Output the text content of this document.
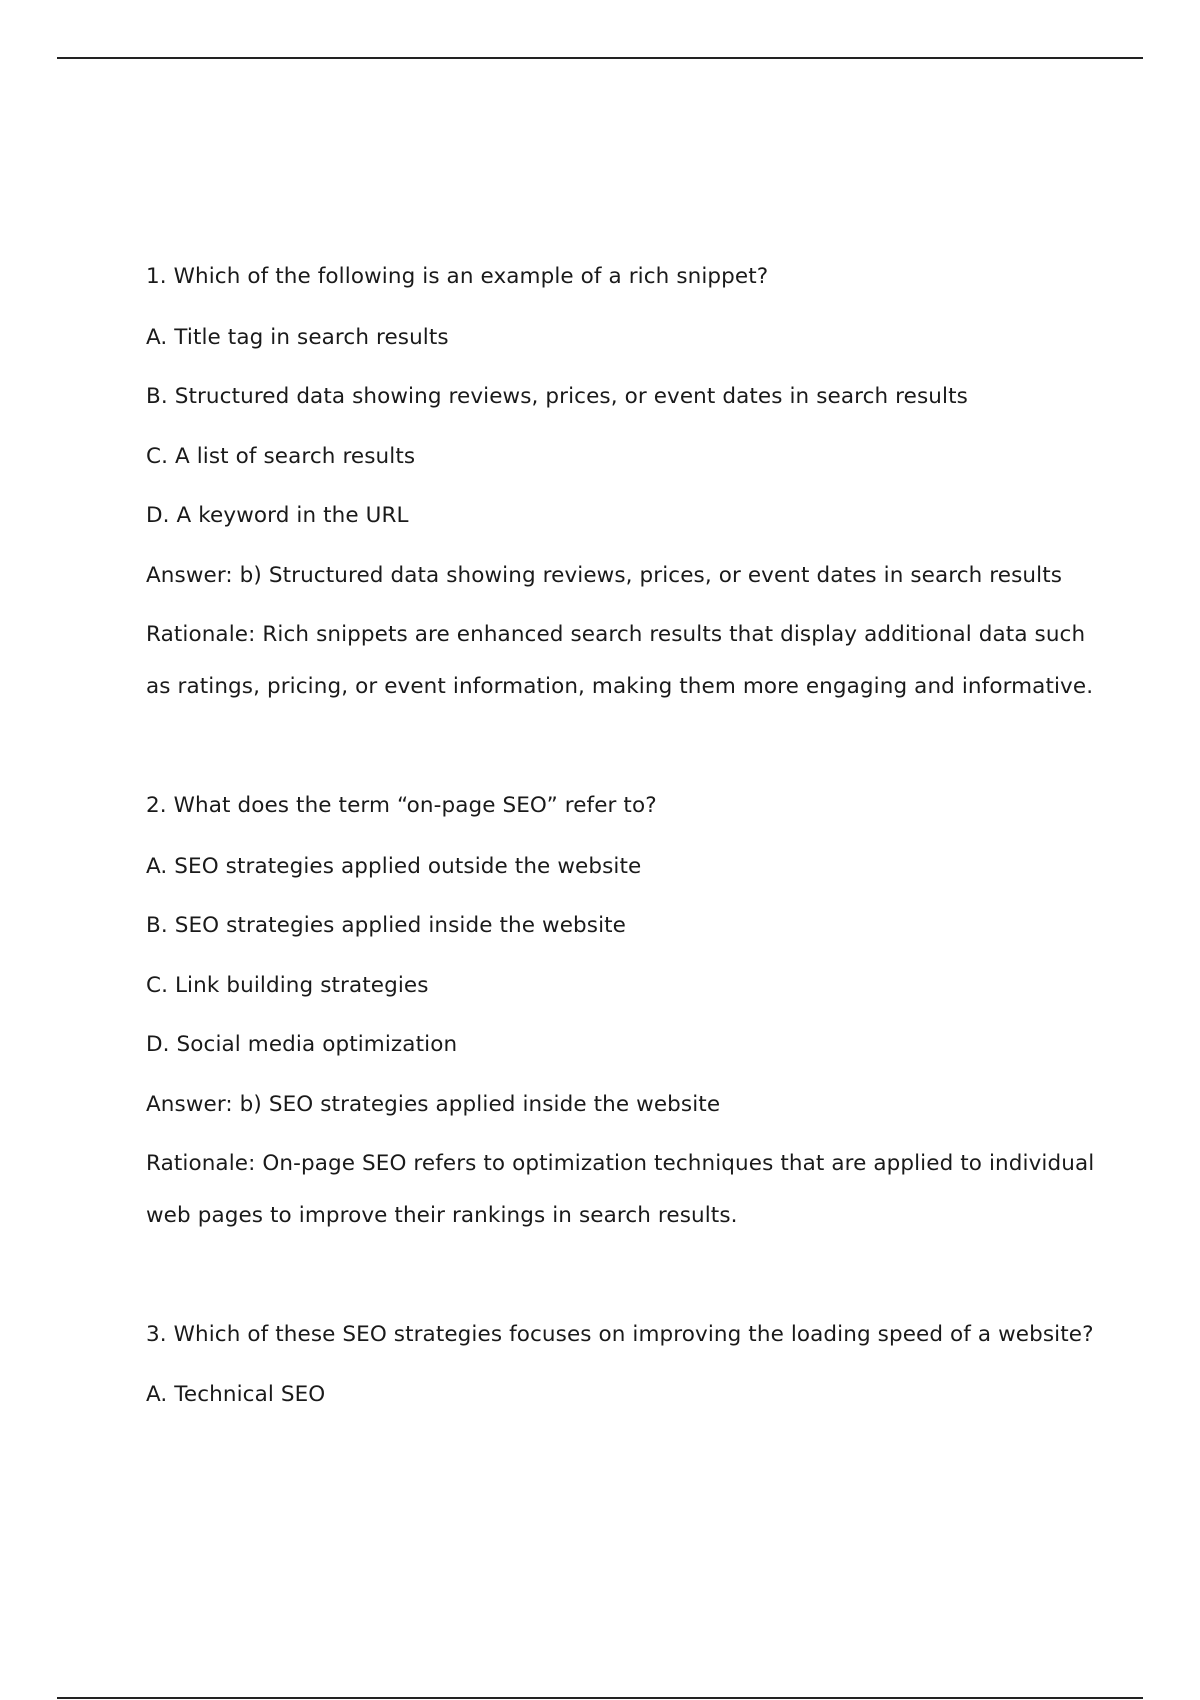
1. Which of the following is an example of a rich snippet?
A. Title tag in search results
B. Structured data showing reviews, prices, or event dates in search results
C. A list of search results
D. A keyword in the URL
Answer: b) Structured data showing reviews, prices, or event dates in search results
Rationale: Rich snippets are enhanced search results that display additional data such
as ratings, pricing, or event information, making them more engaging and informative.
2. What does the term “on-page SEO” refer to?
A. SEO strategies applied outside the website
B. SEO strategies applied inside the website
C. Link building strategies
D. Social media optimization
Answer: b) SEO strategies applied inside the website
Rationale: On-page SEO refers to optimization techniques that are applied to individual
web pages to improve their rankings in search results.
3. Which of these SEO strategies focuses on improving the loading speed of a website?
A. Technical SEO
